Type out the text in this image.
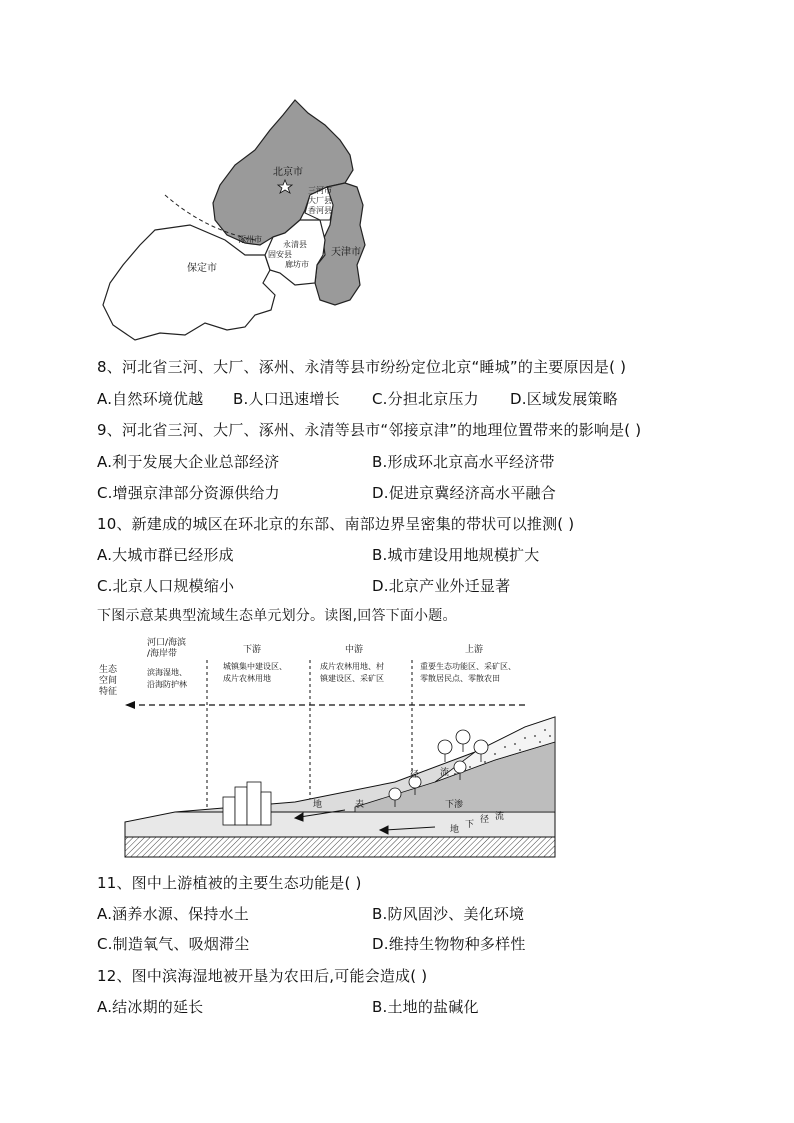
北京市
天津市
保定市
三河市
大厂县
香河县
涿州市
永清县
固安县
廊坊市
8、河北省三河、大厂、涿州、永清等县市纷纷定位北京“睡城”的主要原因是( )
A.自然环境优越 B.人口迅速增长 C.分担北京压力 D.区域发展策略
9、河北省三河、大厂、涿州、永清等县市“邻接京津”的地理位置带来的影响是( )
A.利于发展大企业总部经济	B.形成环北京高水平经济带
C.增强京津部分资源供给力	D.促进京冀经济高水平融合
10、新建成的城区在环北京的东部、南部边界呈密集的带状可以推测( )
A.大城市群已经形成	B.城市建设用地规模扩大
C.北京人口规模缩小	D.北京产业外迁显著
下图示意某典型流域生态单元划分。读图,回答下面小题。
生态
空间
特征
河口/海滨
/海岸带
滨海湿地、
沿海防护林
下游
城镇集中建设区、
成片农林用地
中游
成片农林用地、村
镇建设区、采矿区
上游
重要生态功能区、采矿区、
零散居民点、零散农田
地	表
径 流
下渗
地 下 径 流
11、图中上游植被的主要生态功能是( )
A.涵养水源、保持水土	B.防风固沙、美化环境
C.制造氧气、吸烟滞尘	D.维持生物物种多样性
12、图中滨海湿地被开垦为农田后,可能会造成( )
A.结冰期的延长	B.土地的盐碱化
